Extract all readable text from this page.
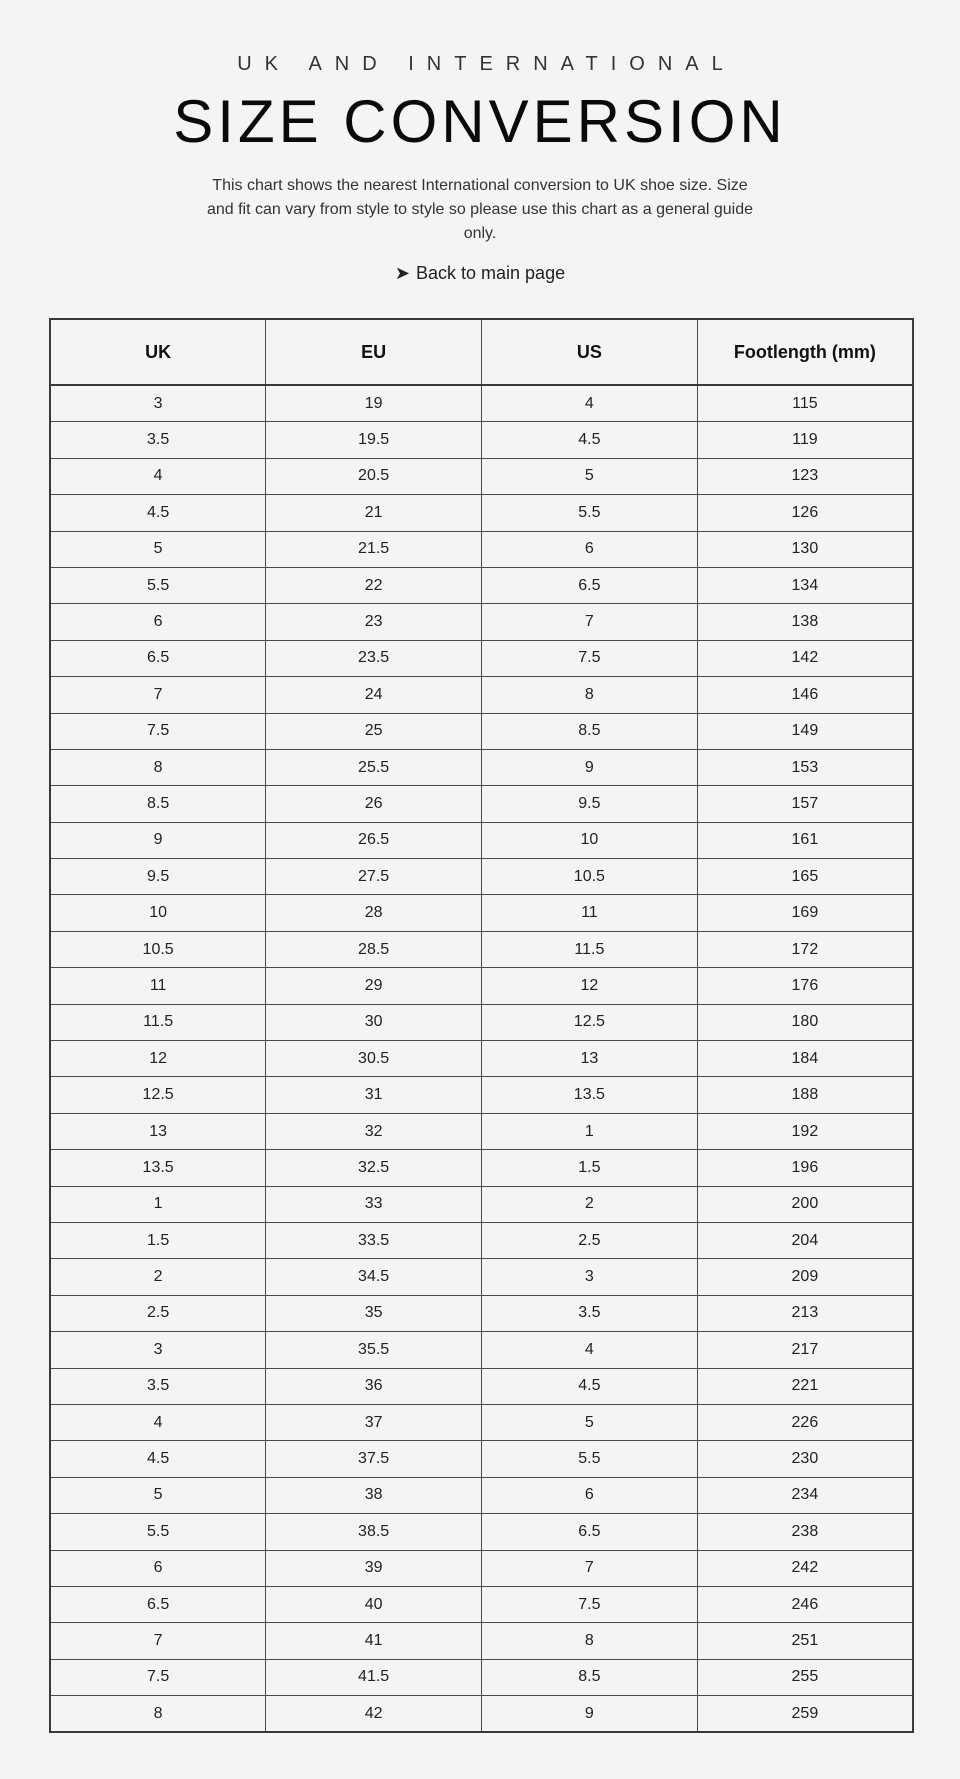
UK AND INTERNATIONAL
SIZE CONVERSION

This chart shows the nearest International conversion to UK shoe size. Size and fit can vary from style to style so please use this chart as a general guide only.

➤ Back to main page
UK	EU	US	Footlength (mm)
3	19	4	115
3.5	19.5	4.5	119
4	20.5	5	123
4.5	21	5.5	126
5	21.5	6	130
5.5	22	6.5	134
6	23	7	138
6.5	23.5	7.5	142
7	24	8	146
7.5	25	8.5	149
8	25.5	9	153
8.5	26	9.5	157
9	26.5	10	161
9.5	27.5	10.5	165
10	28	11	169
10.5	28.5	11.5	172
11	29	12	176
11.5	30	12.5	180
12	30.5	13	184
12.5	31	13.5	188
13	32	1	192
13.5	32.5	1.5	196
1	33	2	200
1.5	33.5	2.5	204
2	34.5	3	209
2.5	35	3.5	213
3	35.5	4	217
3.5	36	4.5	221
4	37	5	226
4.5	37.5	5.5	230
5	38	6	234
5.5	38.5	6.5	238
6	39	7	242
6.5	40	7.5	246
7	41	8	251
7.5	41.5	8.5	255
8	42	9	259
